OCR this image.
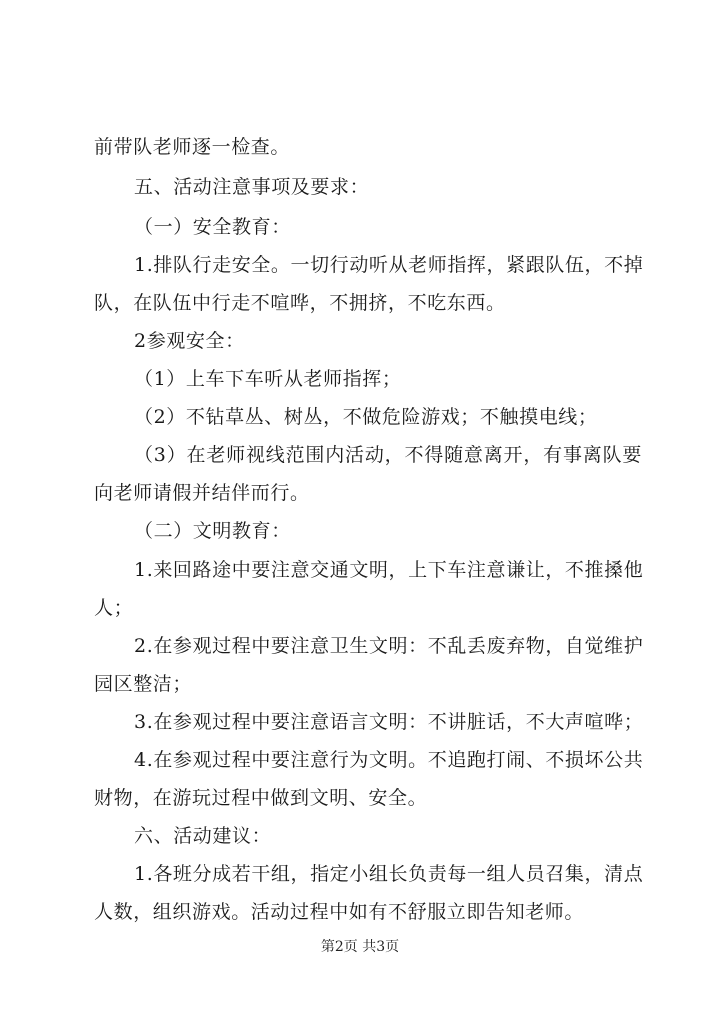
前带队老师逐一检查。
五、活动注意事项及要求：
（一）安全教育：
1.排队行走安全。一切行动听从老师指挥，紧跟队伍，不掉
队，在队伍中行走不喧哗，不拥挤，不吃东西。
2参观安全：
（1）上车下车听从老师指挥；
（2）不钻草丛、树丛，不做危险游戏；不触摸电线；
（3）在老师视线范围内活动，不得随意离开，有事离队要
向老师请假并结伴而行。
（二）文明教育：
1.来回路途中要注意交通文明，上下车注意谦让，不推搡他
人；
2.在参观过程中要注意卫生文明：不乱丢废弃物，自觉维护
园区整洁；
3.在参观过程中要注意语言文明：不讲脏话，不大声喧哗；
4.在参观过程中要注意行为文明。不追跑打闹、不损坏公共
财物，在游玩过程中做到文明、安全。
六、活动建议：
1.各班分成若干组，指定小组长负责每一组人员召集，清点
人数，组织游戏。活动过程中如有不舒服立即告知老师。
第2页 共3页
